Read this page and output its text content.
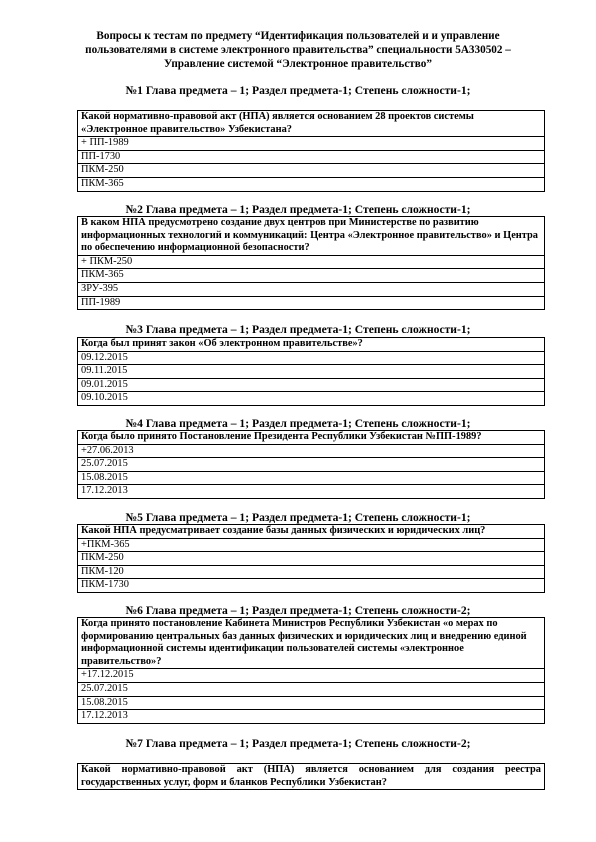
Вопросы к тестам по предмету “Идентификация пользователей и и управление
пользователями в системе электронного правительства” специальности 5А330502 –
Управление системой “Электронное правительство”
№1 Глава предмета – 1; Раздел предмета-1; Степень сложности-1;
Какой нормативно-правовой акт (НПА) является основанием 28 проектов системы «Электронное правительство» Узбекистана?
+ ПП-1989
ПП-1730
ПКМ-250
ПКМ-365
№2 Глава предмета – 1; Раздел предмета-1; Степень сложности-1;
В каком НПА предусмотрено создание двух центров при Министерстве по развитию информационных технологий и коммуникаций: Центра «Электронное правительство» и Центра по обеспечению информационной безопасности?
+ ПКМ-250
ПКМ-365
ЗРУ-395
ПП-1989
№3 Глава предмета – 1; Раздел предмета-1; Степень сложности-1;
Когда был принят закон «Об электронном правительстве»?
09.12.2015
09.11.2015
09.01.2015
09.10.2015
№4 Глава предмета – 1; Раздел предмета-1; Степень сложности-1;
Когда было принято Постановление Президента Республики Узбекистан №ПП-1989?
+27.06.2013
25.07.2015
15.08.2015
17.12.2013
№5 Глава предмета – 1; Раздел предмета-1; Степень сложности-1;
Какой НПА предусматривает создание базы данных физических и юридических лиц?
+ПКМ-365
ПКМ-250
ПКМ-120
ПКМ-1730
№6 Глава предмета – 1; Раздел предмета-1; Степень сложности-2;
Когда принято постановление Кабинета Министров Республики Узбекистан «о мерах по формированию центральных баз данных физических и юридических лиц и внедрению единой информационной системы идентификации пользователей системы «электронное правительство»?
+17.12.2015
25.07.2015
15.08.2015
17.12.2013
№7 Глава предмета – 1; Раздел предмета-1; Степень сложности-2;
Какой нормативно-правовой акт (НПА) является основанием для создания реестра государственных услуг, форм и бланков Республики Узбекистан?
